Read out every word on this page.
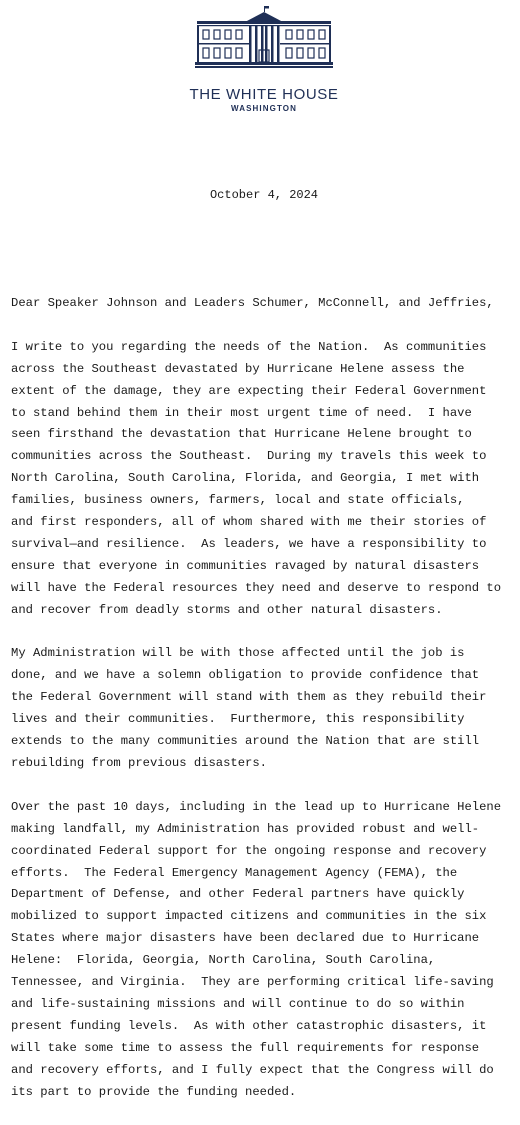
THE WHITE HOUSE
WASHINGTON
October 4, 2024

Dear Speaker Johnson and Leaders Schumer, McConnell, and Jeffries,

I write to you regarding the needs of the Nation.  As communities
across the Southeast devastated by Hurricane Helene assess the
extent of the damage, they are expecting their Federal Government
to stand behind them in their most urgent time of need.  I have
seen firsthand the devastation that Hurricane Helene brought to
communities across the Southeast.  During my travels this week to
North Carolina, South Carolina, Florida, and Georgia, I met with
families, business owners, farmers, local and state officials,
and first responders, all of whom shared with me their stories of
survival—and resilience.  As leaders, we have a responsibility to
ensure that everyone in communities ravaged by natural disasters
will have the Federal resources they need and deserve to respond to
and recover from deadly storms and other natural disasters.

My Administration will be with those affected until the job is
done, and we have a solemn obligation to provide confidence that
the Federal Government will stand with them as they rebuild their
lives and their communities.  Furthermore, this responsibility
extends to the many communities around the Nation that are still
rebuilding from previous disasters.

Over the past 10 days, including in the lead up to Hurricane Helene
making landfall, my Administration has provided robust and well-
coordinated Federal support for the ongoing response and recovery
efforts.  The Federal Emergency Management Agency (FEMA), the
Department of Defense, and other Federal partners have quickly
mobilized to support impacted citizens and communities in the six
States where major disasters have been declared due to Hurricane
Helene:  Florida, Georgia, North Carolina, South Carolina,
Tennessee, and Virginia.  They are performing critical life-saving
and life-sustaining missions and will continue to do so within
present funding levels.  As with other catastrophic disasters, it
will take some time to assess the full requirements for response
and recovery efforts, and I fully expect that the Congress will do
its part to provide the funding needed.
